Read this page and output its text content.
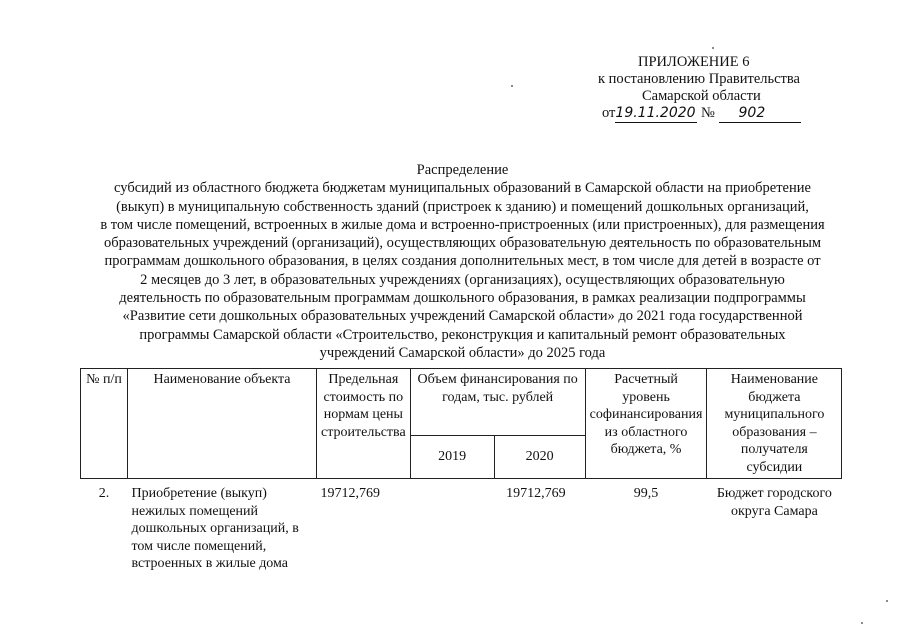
ПРИЛОЖЕНИЕ 6
к постановлению Правительства
Самарской области
от19.11.2020 № 902

Распределение

субсидий из областного бюджета бюджетам муниципальных образований в Самарской области на приобретение

(выкуп) в муниципальную собственность зданий (пристроек к зданию) и помещений дошкольных организаций,

в том числе помещений, встроенных в жилые дома и встроенно-пристроенных (или пристроенных), для размещения

образовательных учреждений (организаций), осуществляющих образовательную деятельность по образовательным

программам дошкольного образования, в целях создания дополнительных мест, в том числе для детей в возрасте от

2 месяцев до 3 лет, в образовательных учреждениях (организациях), осуществляющих образовательную

деятельность по образовательным программам дошкольного образования, в рамках реализации подпрограммы

«Развитие сети дошкольных образовательных учреждений Самарской области» до 2021 года государственной

программы Самарской области «Строительство, реконструкция и капитальный ремонт образовательных

учреждений Самарской области» до 2025 года

№ п/п	Наименование объекта	Предельная стоимость по нормам цены строительства	Объем финансирования по годам, тыс. рублей		Расчетный уровень софинансирования из областного бюджета, %	Наименование бюджета муниципального образования – получателя субсидии
			2019	2020		
2.	Приобретение (выкуп) нежилых помещений дошкольных организаций, в том числе помещений, встроенных в жилые дома	19712,769		19712,769	99,5	Бюджет городского округа Самара
